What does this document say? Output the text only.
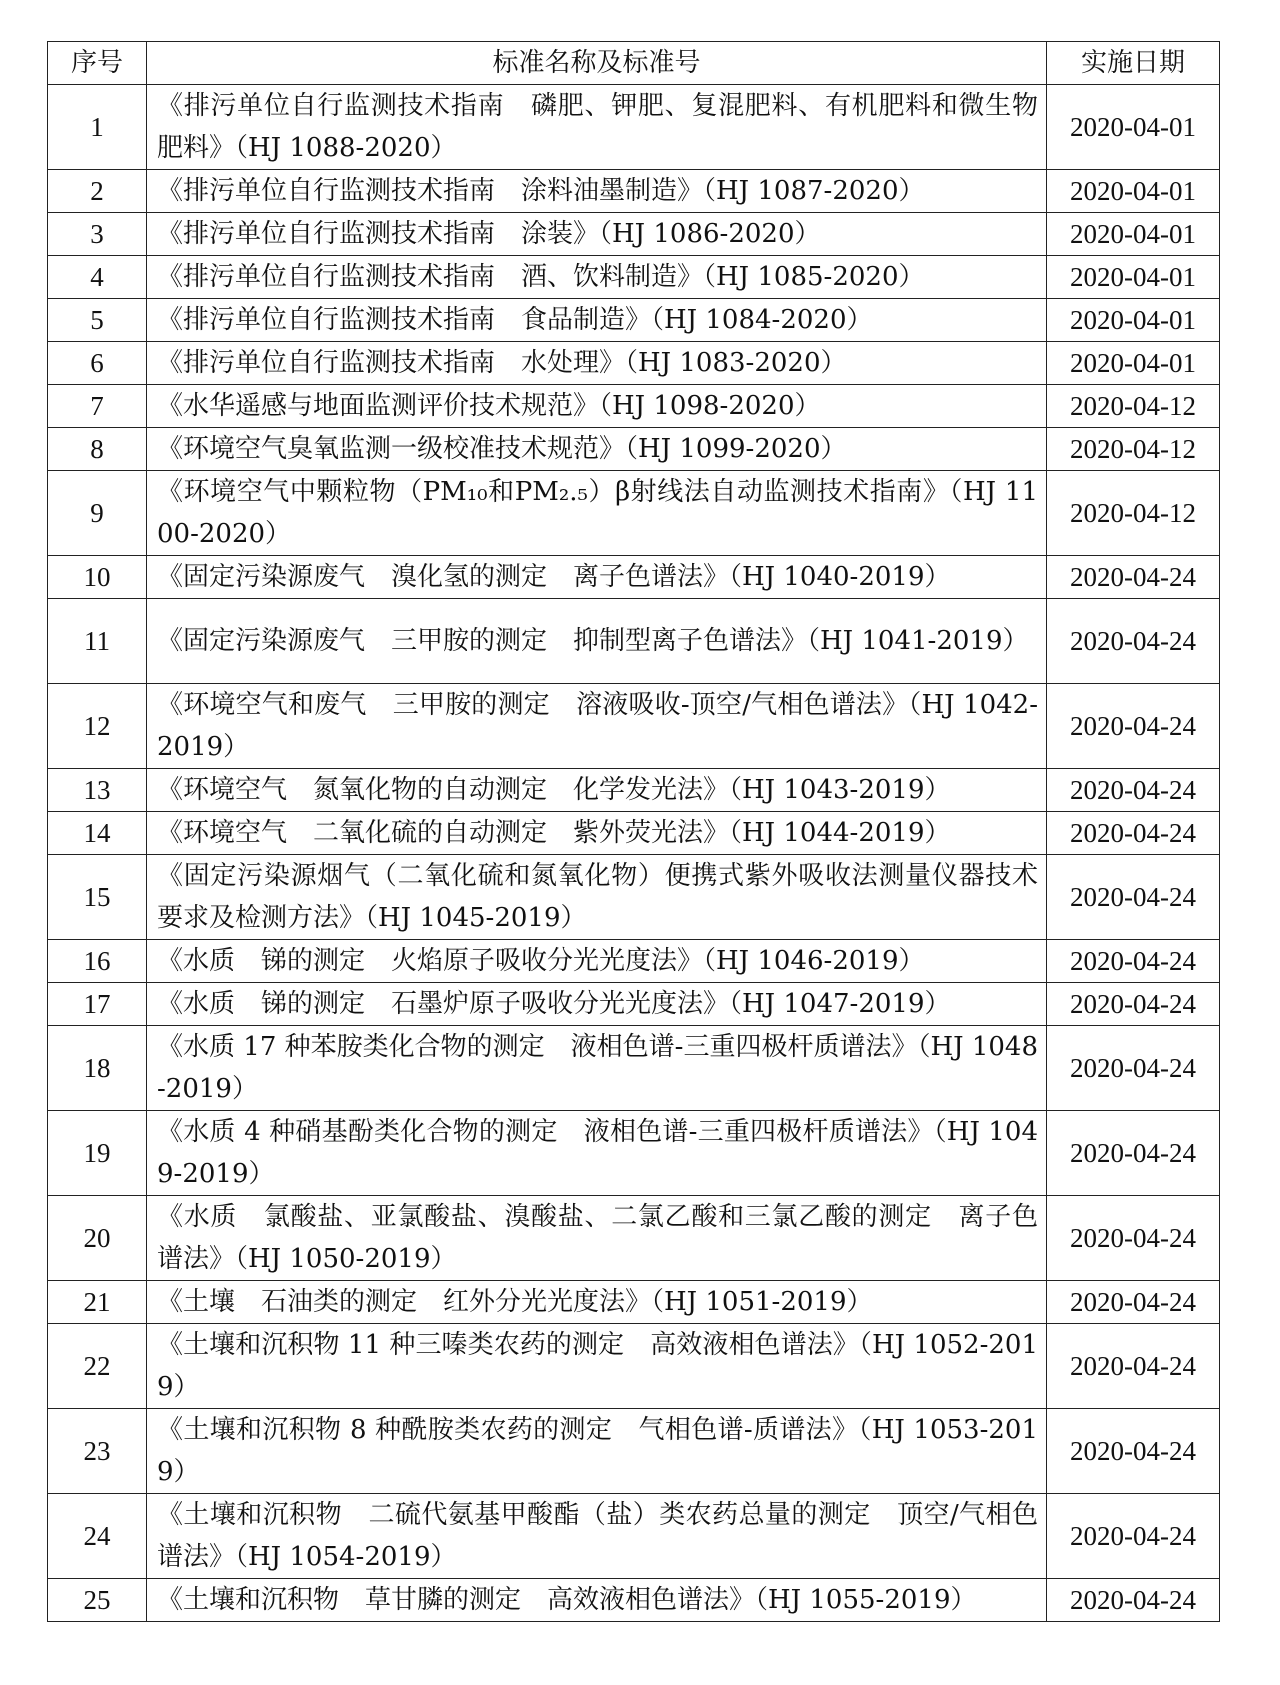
序号	标准名称及标准号	实施日期
1	《排污单位自行监测技术指南　磷肥、钾肥、复混肥料、有机肥料和微生物肥料》（HJ 1088-2020）	2020-04-01
2	《排污单位自行监测技术指南　涂料油墨制造》（HJ 1087-2020）	2020-04-01
3	《排污单位自行监测技术指南　涂装》（HJ 1086-2020）	2020-04-01
4	《排污单位自行监测技术指南　酒、饮料制造》（HJ 1085-2020）	2020-04-01
5	《排污单位自行监测技术指南　食品制造》（HJ 1084-2020）	2020-04-01
6	《排污单位自行监测技术指南　水处理》（HJ 1083-2020）	2020-04-01
7	《水华遥感与地面监测评价技术规范》（HJ 1098-2020）	2020-04-12
8	《环境空气臭氧监测一级校准技术规范》（HJ 1099-2020）	2020-04-12
9	《环境空气中颗粒物（PM₁₀和PM₂.₅）β射线法自动监测技术指南》（HJ 1100-2020）	2020-04-12
10	《固定污染源废气　溴化氢的测定　离子色谱法》（HJ 1040-2019）	2020-04-24
11	《固定污染源废气　三甲胺的测定　抑制型离子色谱法》（HJ 1041-2019）	2020-04-24
12	《环境空气和废气　三甲胺的测定　溶液吸收-顶空/气相色谱法》（HJ 1042-2019）	2020-04-24
13	《环境空气　氮氧化物的自动测定　化学发光法》（HJ 1043-2019）	2020-04-24
14	《环境空气　二氧化硫的自动测定　紫外荧光法》（HJ 1044-2019）	2020-04-24
15	《固定污染源烟气（二氧化硫和氮氧化物）便携式紫外吸收法测量仪器技术要求及检测方法》（HJ 1045-2019）	2020-04-24
16	《水质　锑的测定　火焰原子吸收分光光度法》（HJ 1046-2019）	2020-04-24
17	《水质　锑的测定　石墨炉原子吸收分光光度法》（HJ 1047-2019）	2020-04-24
18	《水质 17 种苯胺类化合物的测定　液相色谱-三重四极杆质谱法》（HJ 1048-2019）	2020-04-24
19	《水质 4 种硝基酚类化合物的测定　液相色谱-三重四极杆质谱法》（HJ 1049-2019）	2020-04-24
20	《水质　氯酸盐、亚氯酸盐、溴酸盐、二氯乙酸和三氯乙酸的测定　离子色谱法》（HJ 1050-2019）	2020-04-24
21	《土壤　石油类的测定　红外分光光度法》（HJ 1051-2019）	2020-04-24
22	《土壤和沉积物 11 种三嗪类农药的测定　高效液相色谱法》（HJ 1052-2019）	2020-04-24
23	《土壤和沉积物 8 种酰胺类农药的测定　气相色谱-质谱法》（HJ 1053-2019）	2020-04-24
24	《土壤和沉积物　二硫代氨基甲酸酯（盐）类农药总量的测定　顶空/气相色谱法》（HJ 1054-2019）	2020-04-24
25	《土壤和沉积物　草甘膦的测定　高效液相色谱法》（HJ 1055-2019）	2020-04-24
